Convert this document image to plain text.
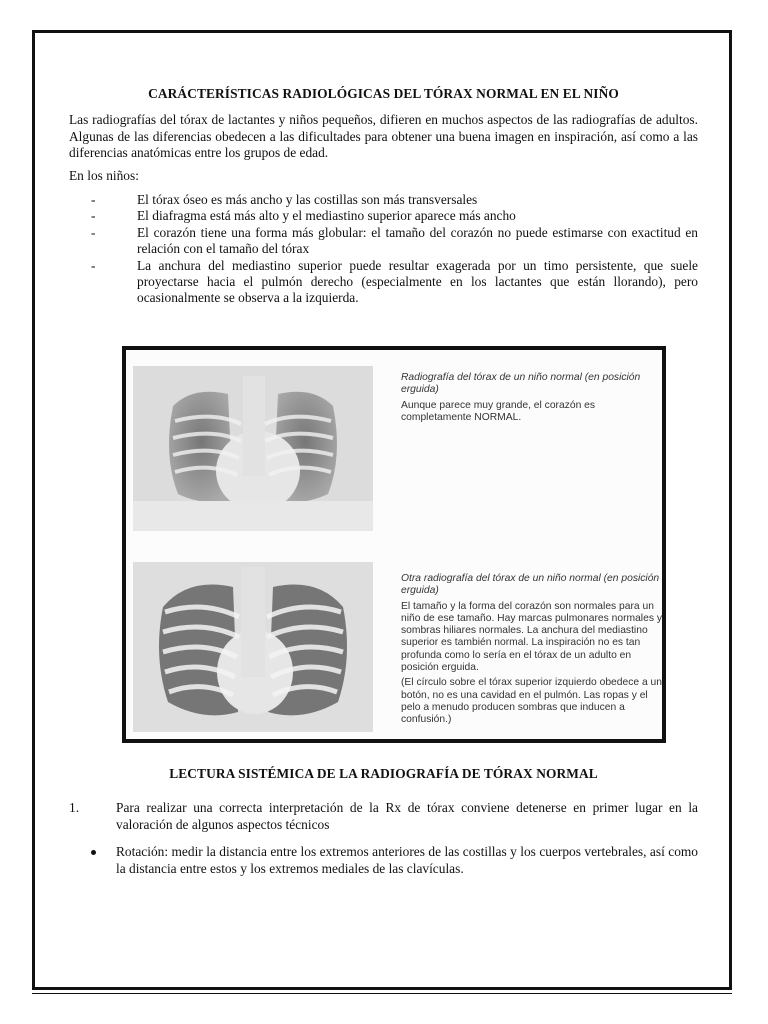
CARÁCTERÍSTICAS RADIOLÓGICAS DEL TÓRAX NORMAL EN EL NIÑO

Las radiografías del tórax de lactantes y niños pequeños, difieren en muchos aspectos de las radiografías de adultos. Algunas de las diferencias obedecen a las dificultades para obtener una buena imagen en inspiración, así como a las diferencias anatómicas entre los grupos de edad.

En los niños:

-	El tórax óseo es más ancho y las costillas son más transversales
-	El diafragma está más alto y el mediastino superior aparece más ancho
-	El corazón tiene una forma más globular: el tamaño del corazón no puede estimarse con exactitud en relación con el tamaño del tórax
-	La anchura del mediastino superior puede resultar exagerada por un timo persistente, que suele proyectarse hacia el pulmón derecho (especialmente en los lactantes que están llorando), pero ocasionalmente se observa a la izquierda.
Radiografía del tórax de un niño normal (en posición erguida)

Aunque parece muy grande, el corazón es completamente NORMAL.

Otra radiografía del tórax de un niño normal (en posición erguida)

El tamaño y la forma del corazón son normales para un niño de ese tamaño. Hay marcas pulmonares normales y sombras hiliares normales. La anchura del mediastino superior es también normal. La inspiración no es tan profunda como lo sería en el tórax de un adulto en posición erguida.

(El círculo sobre el tórax superior izquierdo obedece a un botón, no es una cavidad en el pulmón. Las ropas y el pelo a menudo producen sombras que inducen a confusión.)

LECTURA SISTÉMICA DE LA RADIOGRAFÍA DE TÓRAX NORMAL
1.	Para realizar una correcta interpretación de la Rx de tórax conviene detenerse en primer lugar en la valoración de algunos aspectos técnicos
Rotación: medir la distancia entre los extremos anteriores de las costillas y los cuerpos vertebrales, así como la distancia entre estos y los extremos mediales de las clavículas.
